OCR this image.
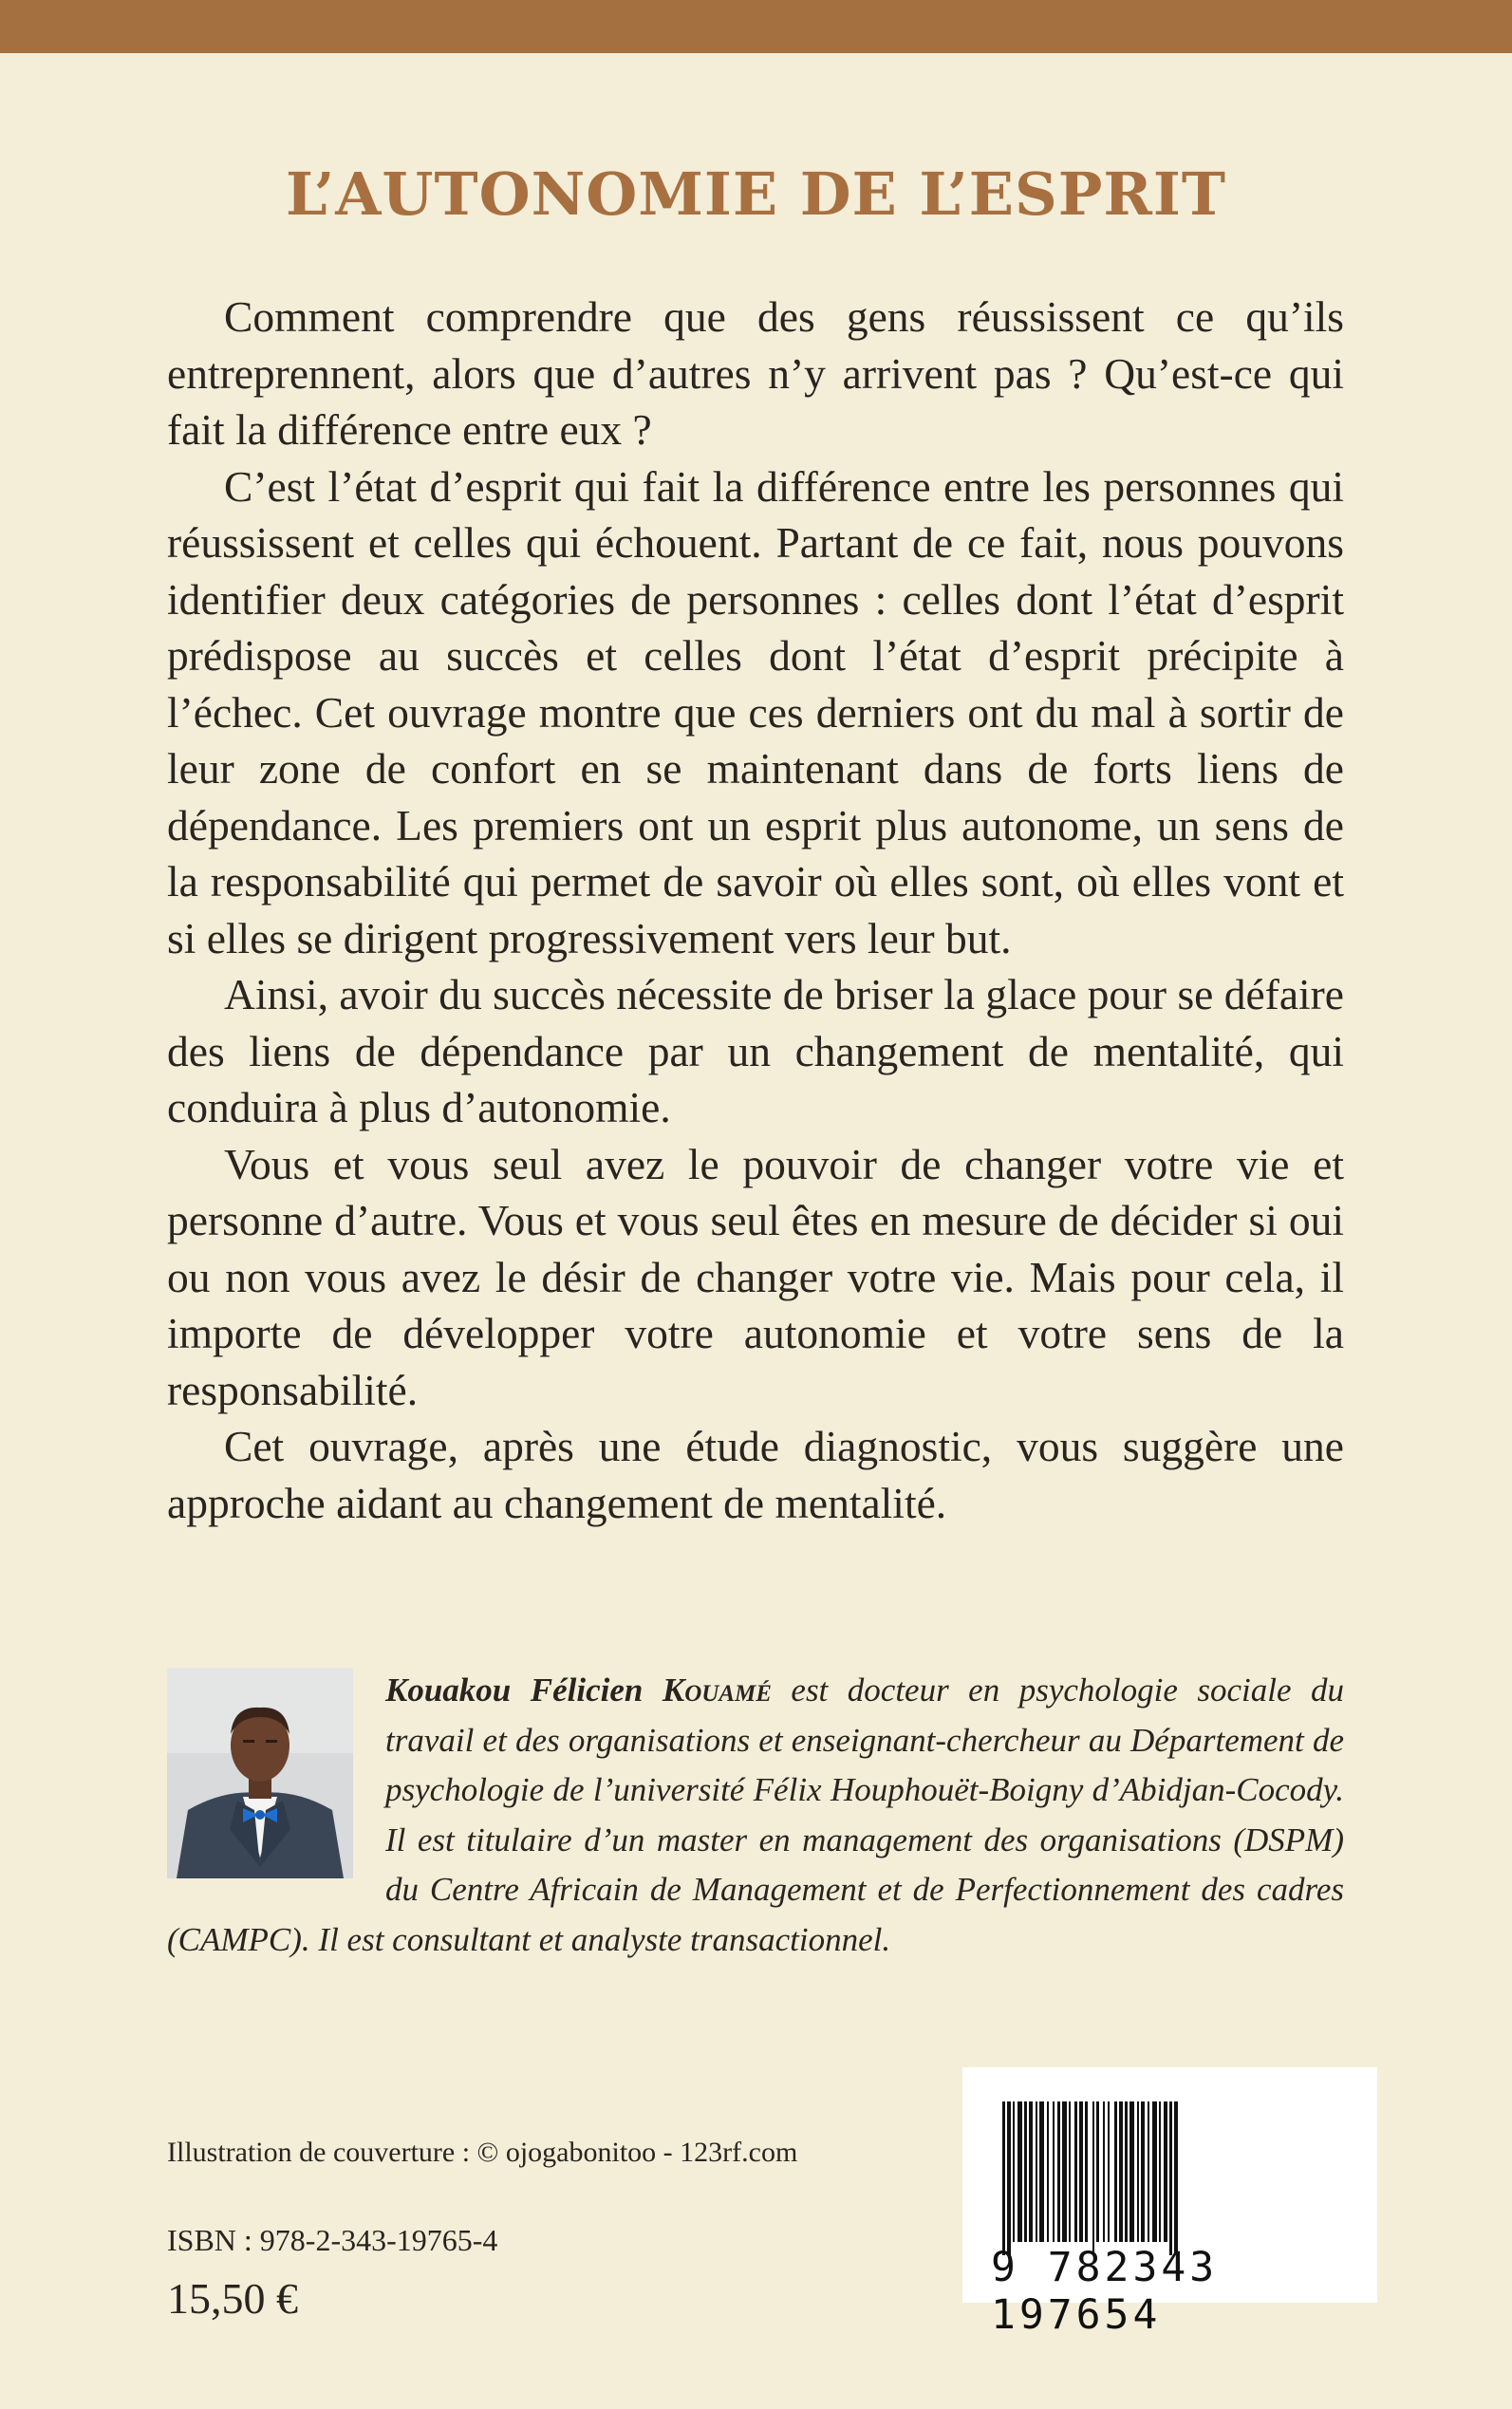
L’AUTONOMIE DE L’ESPRIT

Comment comprendre que des gens réussissent ce qu’ils entreprennent, alors que d’autres n’y arrivent pas ? Qu’est-ce qui fait la différence entre eux ?

C’est l’état d’esprit qui fait la différence entre les personnes qui réussissent et celles qui échouent. Partant de ce fait, nous pouvons identifier deux catégories de personnes : celles dont l’état d’esprit prédispose au succès et celles dont l’état d’esprit précipite à l’échec. Cet ouvrage montre que ces derniers ont du mal à sortir de leur zone de confort en se maintenant dans de forts liens de dépendance. Les premiers ont un esprit plus autonome, un sens de la responsabilité qui permet de savoir où elles sont, où elles vont et si elles se dirigent progressivement vers leur but.

Ainsi, avoir du succès nécessite de briser la glace pour se défaire des liens de dépendance par un changement de mentalité, qui conduira à plus d’autonomie.

Vous et vous seul avez le pouvoir de changer votre vie et personne d’autre. Vous et vous seul êtes en mesure de décider si oui ou non vous avez le désir de changer votre vie. Mais pour cela, il importe de développer votre autonomie et votre sens de la responsabilité.

Cet ouvrage, après une étude diagnostic, vous suggère une approche aidant au changement de mentalité.

Kouakou Félicien Kouamé est docteur en psychologie sociale du travail et des organisations et enseignant-chercheur au Département de psychologie de l’université Félix Houphouët-Boigny d’Abidjan-Cocody. Il est titulaire d’un master en management des organisations (DSPM) du Centre Africain de Management et de Perfectionnement des cadres (CAMPC). Il est consultant et analyste transactionnel.

Illustration de couverture : © ojogabonitoo - 123rf.com

ISBN : 978-2-343-19765-4

15,50 €

9 782343 197654
